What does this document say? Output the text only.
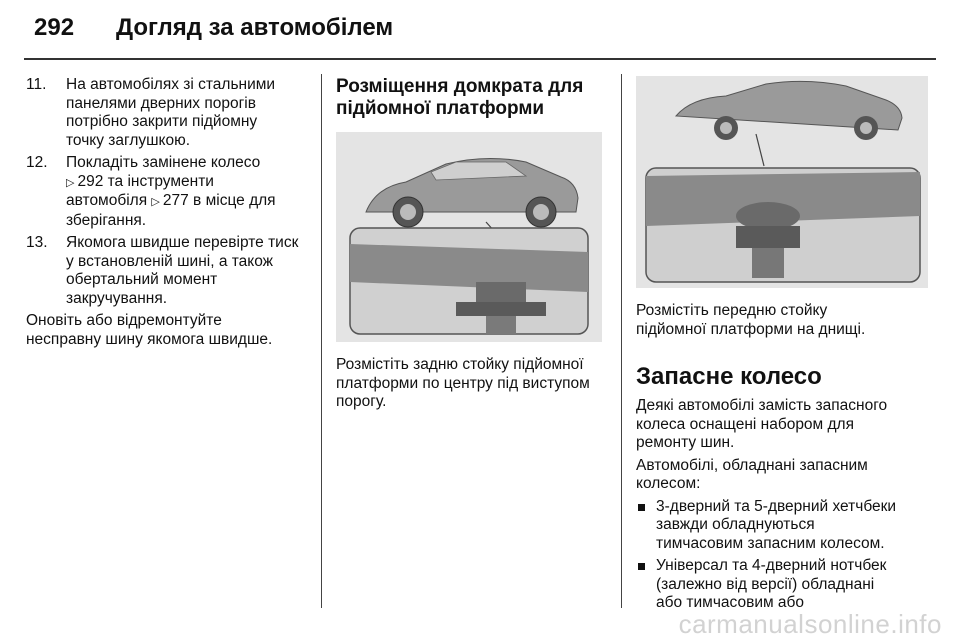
292 Догляд за автомобілем
11. На автомобілях зі стальними
панелями дверних порогів
потрібно закрити підйомну
точку заглушкою.
12. Покладіть замінене колесо
▷ 292 та інструменти
автомобіля ▷ 277 в місце для
зберігання.
13. Якомога швидше перевірте тиск
у встановленій шині, а також
обертальний момент
закручування.
Оновіть або відремонтуйте
несправну шину якомога швидше.
Розміщення домкрата для
підйомної платформи
Розмістіть задню стойку підйомної
платформи по центру під виступом
порогу.
Розмістіть передню стойку
підйомної платформи на днищі.
Запасне колесо
Деякі автомобілі замість запасного
колеса оснащені набором для
ремонту шин.
Автомобілі, обладнані запасним
колесом:
3-дверний та 5-дверний хетчбеки
завжди обладнуються
тимчасовим запасним колесом.
Універсал та 4-дверний нотчбек
(залежно від версії) обладнані
або тимчасовим або
carmanualsonline.info
